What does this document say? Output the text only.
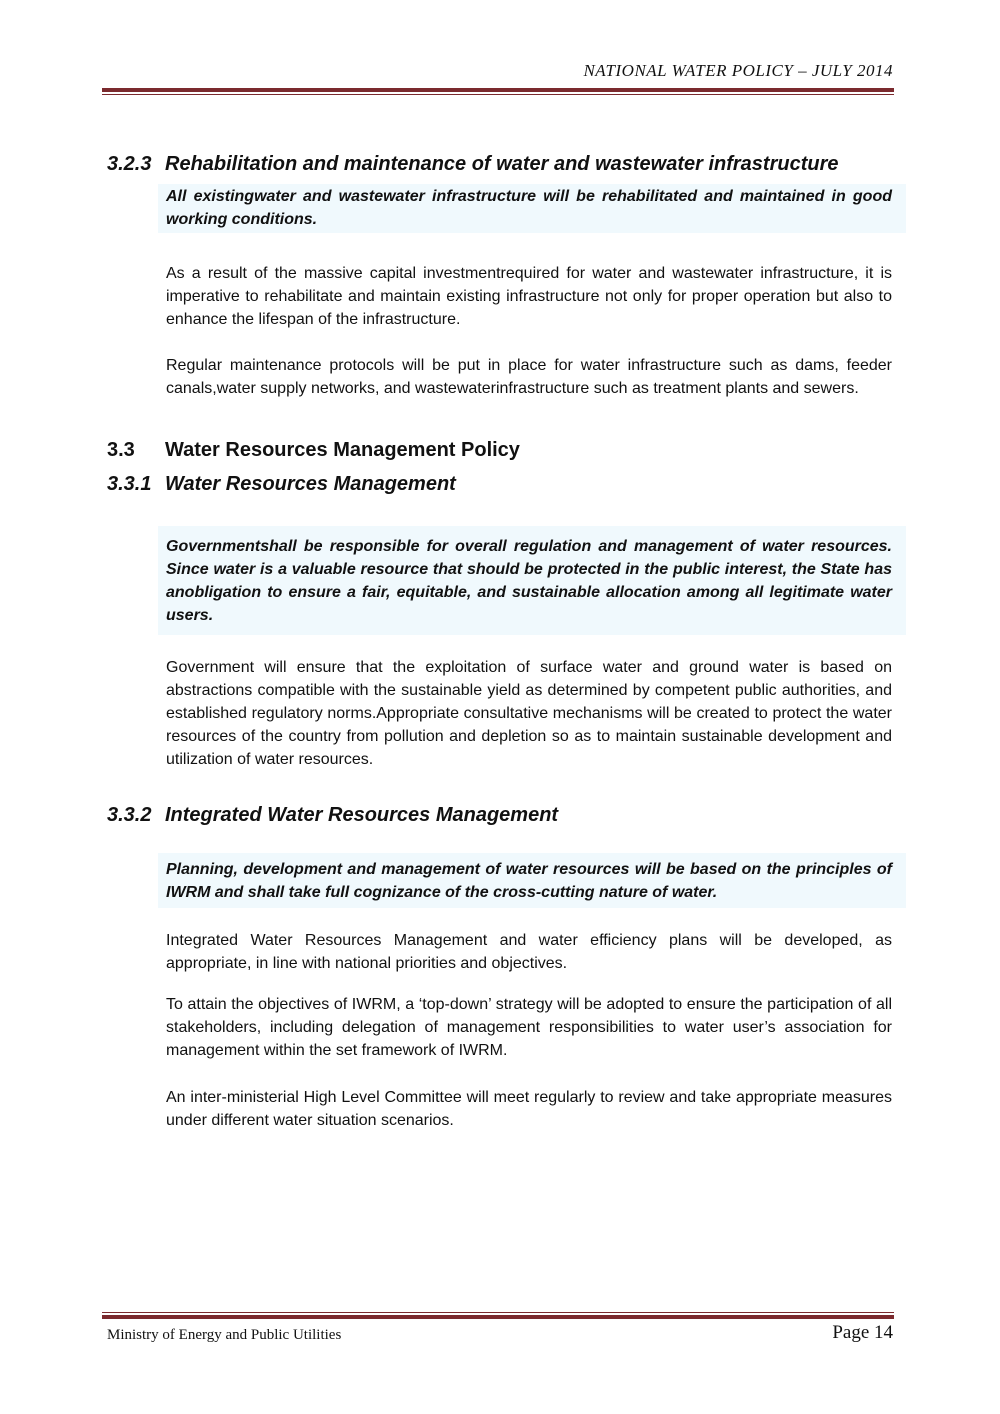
NATIONAL WATER POLICY – JULY 2014
3.2.3 Rehabilitation and maintenance of water and wastewater infrastructure
All existingwater and wastewater infrastructure will be rehabilitated and maintained in good working conditions.

As a result of the massive capital investmentrequired for water and wastewater infrastructure, it is imperative to rehabilitate and maintain existing infrastructure not only for proper operation but also to enhance the lifespan of the infrastructure.

Regular maintenance protocols will be put in place for water infrastructure such as dams, feeder canals,water supply networks, and wastewaterinfrastructure such as treatment plants and sewers.

3.3 Water Resources Management Policy
3.3.1 Water Resources Management
Governmentshall be responsible for overall regulation and management of water resources. Since water is a valuable resource that should be protected in the public interest, the State has anobligation to ensure a fair, equitable, and sustainable allocation among all legitimate water users.

Government will ensure that the exploitation of surface water and ground water is based on abstractions compatible with the sustainable yield as determined by competent public authorities, and established regulatory norms.Appropriate consultative mechanisms will be created to protect the water resources of the country from pollution and depletion so as to maintain sustainable development and utilization of water resources.

3.3.2 Integrated Water Resources Management
Planning, development and management of water resources will be based on the principles of IWRM and shall take full cognizance of the cross-cutting nature of water.

Integrated Water Resources Management and water efficiency plans will be developed, as appropriate, in line with national priorities and objectives.

To attain the objectives of IWRM, a ‘top-down’ strategy will be adopted to ensure the participation of all stakeholders, including delegation of management responsibilities to water user’s association for management within the set framework of IWRM.

An inter-ministerial High Level Committee will meet regularly to review and take appropriate measures under different water situation scenarios.

Ministry of Energy and Public Utilities	Page 14
